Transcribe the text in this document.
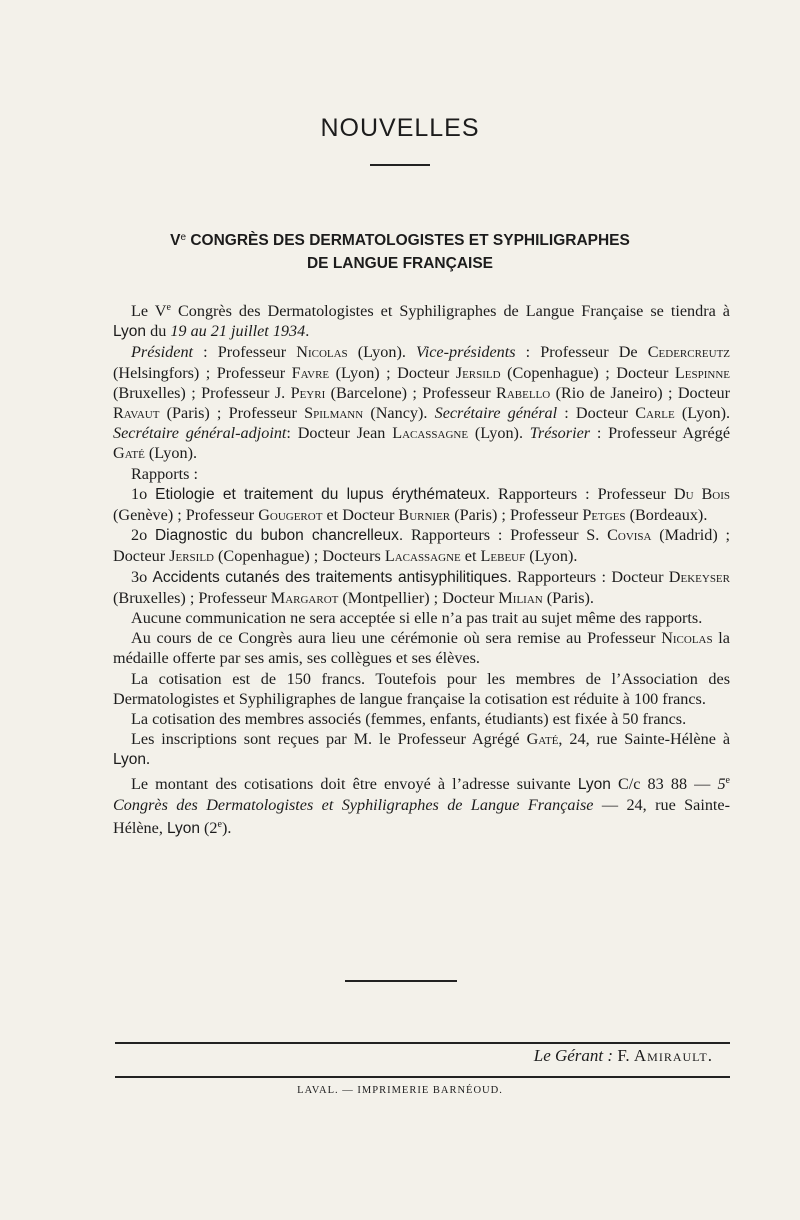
NOUVELLES
Ve CONGRÈS DES DERMATOLOGISTES ET SYPHILIGRAPHES
DE LANGUE FRANÇAISE

Le Ve Congrès des Dermatologistes et Syphiligraphes de Langue Française se tiendra à Lyon du 19 au 21 juillet 1934.

Président : Professeur Nicolas (Lyon). Vice-présidents : Professeur De Cedercreutz (Helsingfors) ; Professeur Favre (Lyon) ; Docteur Jersild (Copenhague) ; Docteur Lespinne (Bruxelles) ; Professeur J. Peyri (Barcelone) ; Professeur Rabello (Rio de Janeiro) ; Docteur Ravaut (Paris) ; Professeur Spilmann (Nancy). Secrétaire général : Docteur Carle (Lyon). Secrétaire général-adjoint: Docteur Jean Lacassagne (Lyon). Trésorier : Professeur Agrégé Gaté (Lyon).

Rapports :

1o Etiologie et traitement du lupus érythémateux. Rapporteurs : Professeur Du Bois (Genève) ; Professeur Gougerot et Docteur Burnier (Paris) ; Professeur Petges (Bordeaux).

2o Diagnostic du bubon chancrelleux. Rapporteurs : Professeur S. Covisa (Madrid) ; Docteur Jersild (Copenhague) ; Docteurs Lacassagne et Lebeuf (Lyon).

3o Accidents cutanés des traitements antisyphilitiques. Rapporteurs : Docteur Dekeyser (Bruxelles) ; Professeur Margarot (Montpellier) ; Docteur Milian (Paris).

Aucune communication ne sera acceptée si elle n’a pas trait au sujet même des rapports.

Au cours de ce Congrès aura lieu une cérémonie où sera remise au Professeur Nicolas la médaille offerte par ses amis, ses collègues et ses élèves.

La cotisation est de 150 francs. Toutefois pour les membres de l’Association des Dermatologistes et Syphiligraphes de langue française la cotisation est réduite à 100 francs.

La cotisation des membres associés (femmes, enfants, étudiants) est fixée à 50 francs.

Les inscriptions sont reçues par M. le Professeur Agrégé Gaté, 24, rue Sainte-Hélène à Lyon.

Le montant des cotisations doit être envoyé à l’adresse suivante Lyon C/c 83 88 — 5e Congrès des Dermatologistes et Syphiligraphes de Langue Française — 24, rue Sainte-Hélène, Lyon (2e).

Le Gérant : F. Amirault.
LAVAL. — IMPRIMERIE BARNÉOUD.
